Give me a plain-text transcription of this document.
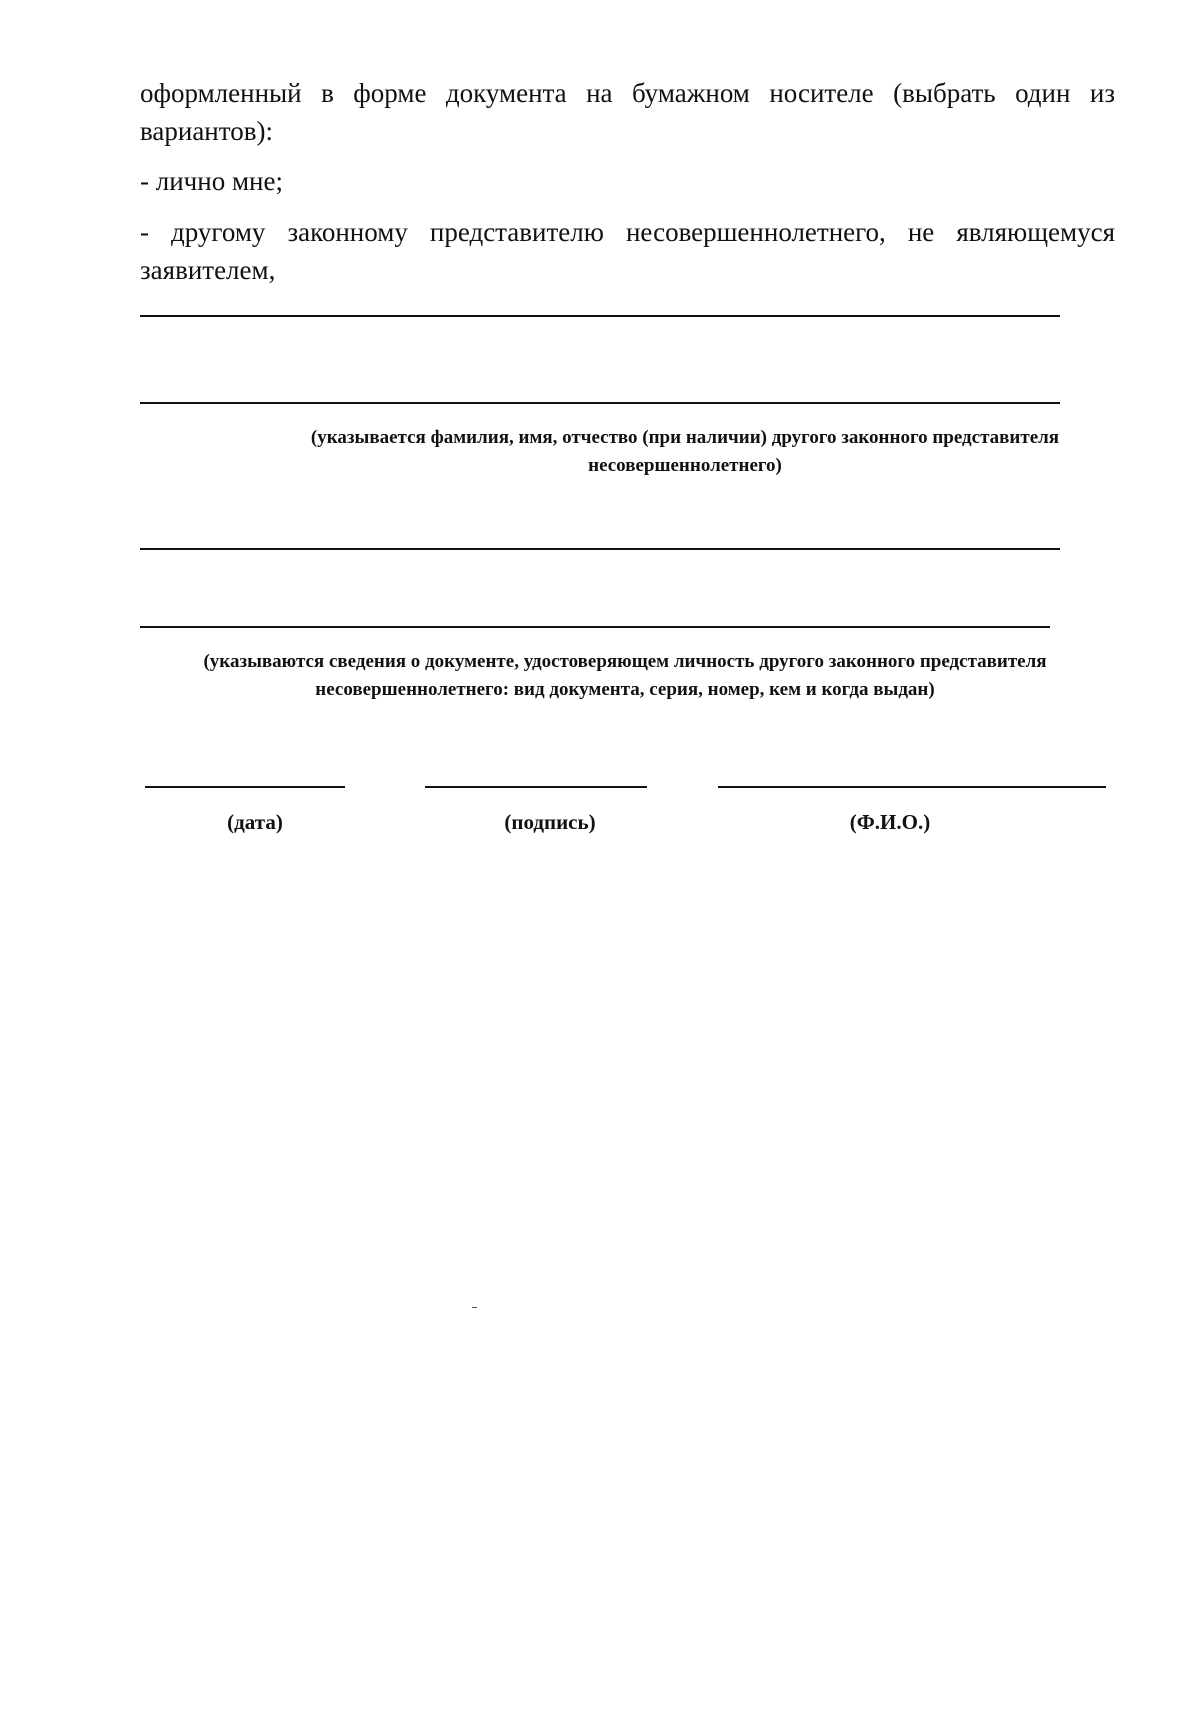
оформленный в форме документа на бумажном носителе (выбрать один из вариантов):

- лично мне;

- другому законному представителю несовершеннолетнего, не являющемуся заявителем,

(указывается фамилия, имя, отчество (при наличии) другого законного представителя несовершеннолетнего)

(указываются сведения о документе, удостоверяющем личность другого законного представителя несовершеннолетнего: вид документа, серия, номер, кем и когда выдан)

(дата)	(подпись)	(Ф.И.О.)
